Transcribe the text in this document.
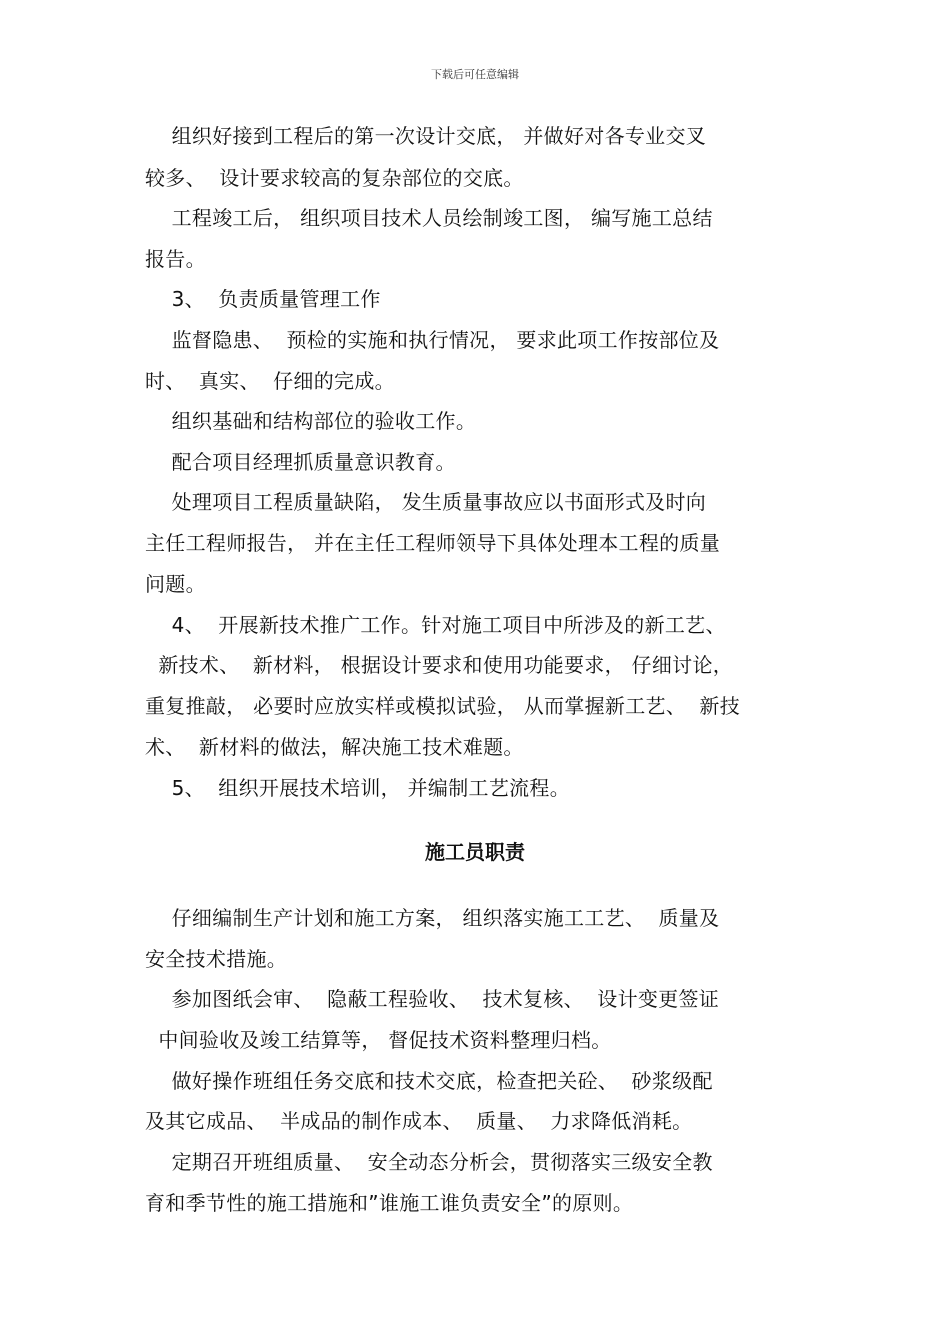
下载后可任意编辑
组织好接到工程后的第一次设计交底， 并做好对各专业交叉
较多、  设计要求较高的复杂部位的交底。
工程竣工后， 组织项目技术人员绘制竣工图， 编写施工总结
报告。
3、  负责质量管理工作
监督隐患、  预检的实施和执行情况， 要求此项工作按部位及
时、  真实、  仔细的完成。
组织基础和结构部位的验收工作。
配合项目经理抓质量意识教育。
处理项目工程质量缺陷， 发生质量事故应以书面形式及时向
主任工程师报告， 并在主任工程师领导下具体处理本工程的质量
问题。
4、  开展新技术推广工作。针对施工项目中所涉及的新工艺、
新技术、  新材料， 根据设计要求和使用功能要求， 仔细讨论，
重复推敲， 必要时应放实样或模拟试验， 从而掌握新工艺、  新技
术、  新材料的做法，解决施工技术难题。
5、  组织开展技术培训， 并编制工艺流程。
施工员职责
仔细编制生产计划和施工方案， 组织落实施工工艺、  质量及
安全技术措施。
参加图纸会审、  隐蔽工程验收、  技术复核、  设计变更签证
中间验收及竣工结算等， 督促技术资料整理归档。
做好操作班组任务交底和技术交底，检查把关砼、  砂浆级配
及其它成品、  半成品的制作成本、  质量、  力求降低消耗。
定期召开班组质量、  安全动态分析会，贯彻落实三级安全教
育和季节性的施工措施和”谁施工谁负责安全”的原则。
